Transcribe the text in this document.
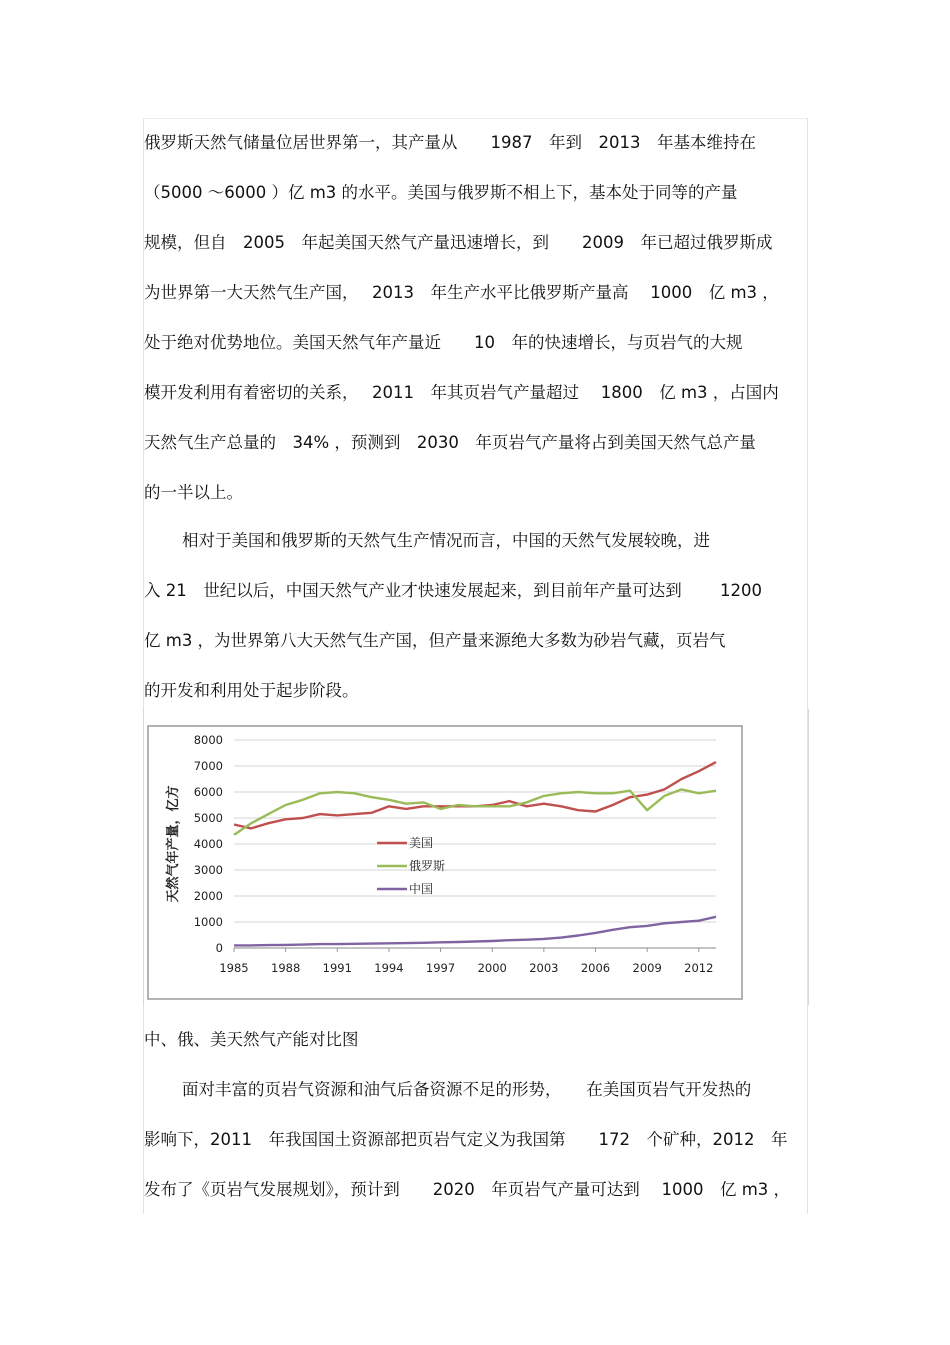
俄罗斯天然气储量位居世界第一，其产量从　　1987　年到　2013　年基本维持在
（5000 ～6000 ）亿 m3 的水平。美国与俄罗斯不相上下，基本处于同等的产量
规模，但自　2005　年起美国天然气产量迅速增长，到　　2009　年已超过俄罗斯成
为世界第一大天然气生产国，　 2013　年生产水平比俄罗斯产量高　 1000　亿 m3 ，
处于绝对优势地位。美国天然气年产量近　　10　年的快速增长，与页岩气的大规
模开发利用有着密切的关系，　 2011　年其页岩气产量超过　 1800　亿 m3 ，占国内
天然气生产总量的　34% ，预测到　2030　年页岩气产量将占到美国天然气总产量
的一半以上。
相对于美国和俄罗斯的天然气生产情况而言，中国的天然气发展较晚，进
入 21　世纪以后，中国天然气产业才快速发展起来，到目前年产量可达到　　 1200
亿 m3 ，为世界第八大天然气生产国，但产量来源绝大多数为砂岩气藏，页岩气
的开发和利用处于起步阶段。
0
1000
2000
3000
4000
5000
6000
7000
8000
1985 1988 1991 1994 1997 2000 2003 2006 2009 2012
天然气年产量，亿方	美国
俄罗斯
中国
中、俄、美天然气产能对比图
面对丰富的页岩气资源和油气后备资源不足的形势，　　在美国页岩气开发热的
影响下，2011　年我国国土资源部把页岩气定义为我国第　　172　个矿种，2012　年
发布了《页岩气发展规划》，预计到　　2020　年页岩气产量可达到　 1000　亿 m3 ，
